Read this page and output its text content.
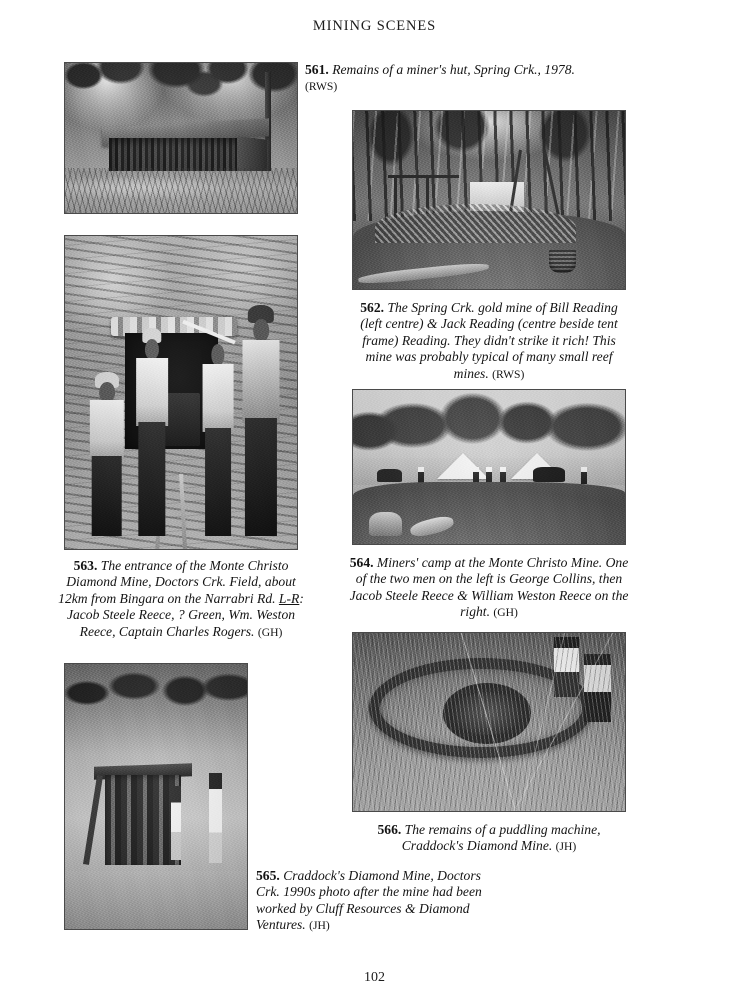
MINING SCENES
561. Remains of a miner's hut, Spring Crk., 1978. (RWS)
562. The Spring Crk. gold mine of Bill Reading (left centre) & Jack Reading (centre beside tent frame) Reading. They didn't strike it rich! This mine was probably typical of many small reef mines. (RWS)
563. The entrance of the Monte Christo Diamond Mine, Doctors Crk. Field, about 12km from Bingara on the Narrabri Rd. L-R: Jacob Steele Reece, ? Green, Wm. Weston Reece, Captain Charles Rogers. (GH)
564. Miners' camp at the Monte Christo Mine. One of the two men on the left is George Collins, then Jacob Steele Reece & William Weston Reece on the right. (GH)
566. The remains of a puddling machine, Craddock's Diamond Mine. (JH)
565. Craddock's Diamond Mine, Doctors Crk. 1990s photo after the mine had been worked by Cluff Resources & Diamond Ventures. (JH)
102
